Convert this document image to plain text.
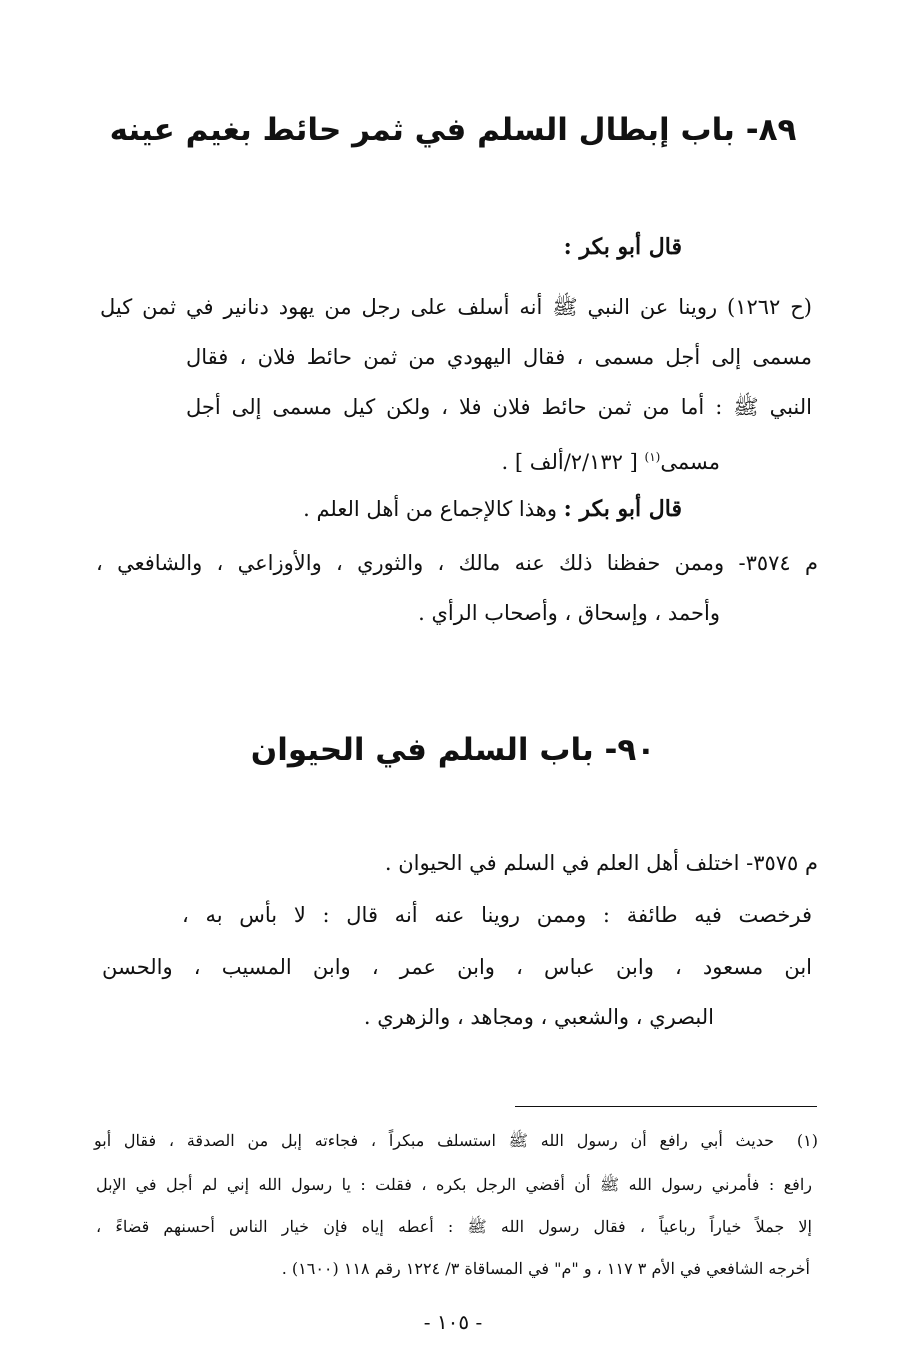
٨٩- باب إبطال السلم في ثمر حائط بغيم عينه
قال أبو بكر :
(ح ١٢٦٢) روينا عن النبي ﷺ أنه أسلف على رجل من يهود دنانير في ثمن كيل
مسمى إلى أجل مسمى ، فقال اليهودي من ثمن حائط فلان ، فقال
النبي ﷺ : أما من ثمن حائط فلان فلا ، ولكن كيل مسمى إلى أجل
مسمى$^{(١)}$ [ ٢/١٣٢/ألف ] .
قال أبو بكر : وهذا كالإجماع من أهل العلم .
م ٣٥٧٤- وممن حفظنا ذلك عنه مالك ، والثوري ، والأوزاعي ، والشافعي ،
وأحمد ، وإسحاق ، وأصحاب الرأي .
٩٠- باب السلم في الحيوان
م ٣٥٧٥- اختلف أهل العلم في السلم في الحيوان .
فرخصت فيه طائفة : وممن روينا عنه أنه قال : لا بأس به ،
ابن مسعود ، وابن عباس ، وابن عمر ، وابن المسيب ، والحسن
البصري ، والشعبي ، ومجاهد ، والزهري .
(١)
حديث أبي رافع أن رسول الله ﷺ استسلف مبكراً ، فجاءته إبل من الصدقة ، فقال أبو
رافع : فأمرني رسول الله ﷺ أن أقضي الرجل بكره ، فقلت : يا رسول الله إني لم أجل في الإبل
إلا جملاً خياراً رباعياً ، فقال رسول الله ﷺ : أعطه إياه فإن خيار الناس أحسنهم قضاءً ،
أخرجه الشافعي في الأم ٣ ١١٧ ، و "م" في المساقاة ٣/ ١٢٢٤ رقم ١١٨ (١٦٠٠) .
- ١٠٥ -
